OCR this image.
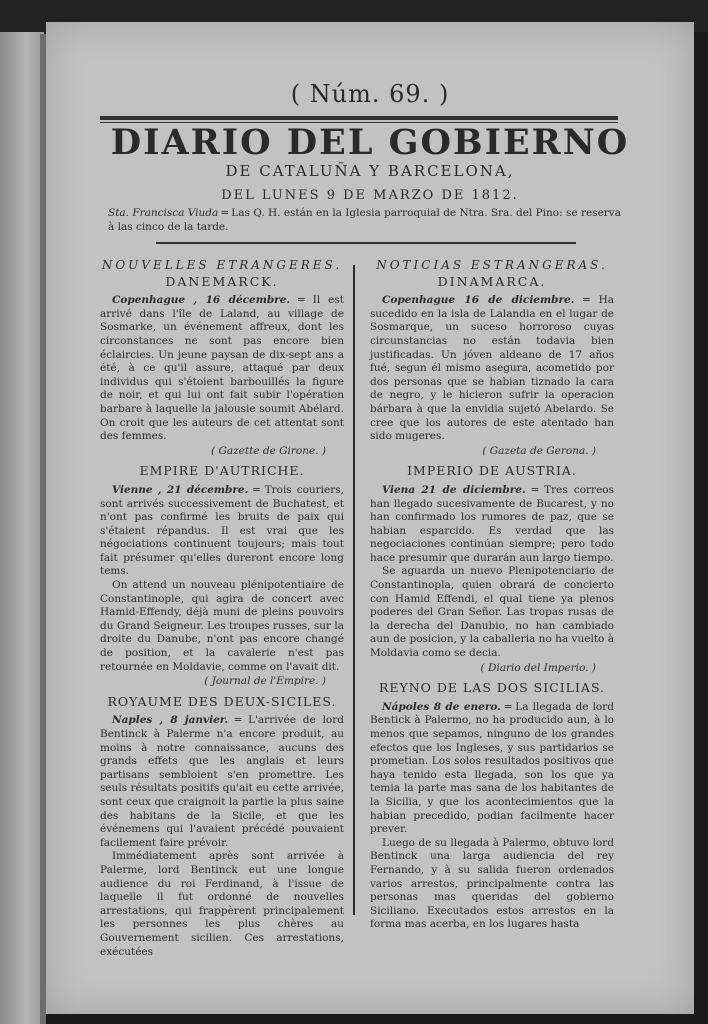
( Núm. 69. )
DIARIO DEL GOBIERNO
DE CATALUÑA Y BARCELONA,
DEL LUNES 9 DE MARZO DE 1812.
Sta. Francisca Viuda ═ Las Q. H. están en la Iglesia parroquial de Ntra. Sra. del Pino: se reserva à las cinco de la tarde.
NOUVELLES ETRANGERES.
DANEMARCK.

Copenhague , 16 décembre. ═ Il est arrivé dans l'île de Laland, au village de Sosmarke, un événement affreux, dont les circonstances ne sont pas encore bien éclaircies. Un jeune paysan de dix-sept ans a été, à ce qu'il assure, attaqué par deux individus qui s'étoient barbouillés la figure de noir, et qui lui ont fait subir l'opération barbare à laquelle la jalousie soumit Abélard. On croit que les auteurs de cet attentat sont des femmes.

( Gazette de Girone. )
EMPIRE D'AUTRICHE.

Vienne , 21 décembre. ═ Trois couriers, sont arrivés successivement de Buchatest, et n'ont pas confirmé les bruits de paix qui s'étaient répandus. Il est vrai que les négociations continuent toujours; mais tout fait présumer qu'elles dureront encore long tems.

On attend un nouveau plénipotentiaire de Constantinople, qui agira de concert avec Hamid-Effendy, déjà muni de pleins pouvoirs du Grand Seigneur. Les troupes russes, sur la droite du Danube, n'ont pas encore changé de position, et la cavalerie n'est pas retournée en Moldavie, comme on l'avait dit.

( Journal de l'Empire. )
ROYAUME DES DEUX-SICILES.

Naples , 8 janvier. ═ L'arrivée de lord Bentinck à Palerme n'a encore produit, au moins à notre connaissance, aucuns des grands effets que les anglais et leurs partisans sembloient s'en promettre. Les seuls résultats positifs qu'ait eu cette arrivée, sont ceux que craignoit la partie la plus saine des habitans de la Sicile, et que les événemens qui l'avaient précédé pouvaient facilement faire prévoir.

Immédiatement après sont arrivée à Palerme, lord Bentinck eut une longue audience du roi Ferdinand, à l'issue de laquelle il fut ordonné de nouvelles arrestations, qui frappèrent principalement les personnes les plus chères au Gouvernement sicilien. Ces arrestations, exécutées

NOTICIAS ESTRANGERAS.
DINAMARCA.

Copenhague 16 de diciembre. ═ Ha sucedido en la isla de Lalandia en el lugar de Sosmarque, un suceso horroroso cuyas circunstancias no están todavia bien justificadas. Un jóven aldeano de 17 años fué, segun él mismo asegura, acometido por dos personas que se habian tiznado la cara de negro, y le hicieron sufrir la operacion bárbara à que la envidia sujetó Abelardo. Se cree que los autores de este atentado han sido mugeres.

( Gazeta de Gerona. )
IMPERIO DE AUSTRIA.

Viena 21 de diciembre. ═ Tres correos han llegado sucesivamente de Bucarest, y no han confirmado los rumores de paz, que se habian esparcido. Es verdad que las negociaciones continúan siempre; pero todo hace presumir que durarán aun largo tiempo.

Se aguarda un nuevo Plenipotenciario de Constantinopla, quien obrará de concierto con Hamid Effendi, el qual tiene ya plenos poderes del Gran Señor. Las tropas rusas de la derecha del Danubio, no han cambiado aun de posicion, y la caballeria no ha vuelto à Moldavia como se decia.

( Diario del Imperio. )
REYNO DE LAS DOS SICILIAS.

Nápoles 8 de enero. ═ La llegada de lord Bentick à Palermo, no ha producido aun, à lo menos que sepamos, ninguno de los grandes efectos que los Ingleses, y sus partidarios se prometian. Los solos resultados positivos que haya tenido esta llegada, son los que ya temia la parte mas sana de los habitantes de la Sicilia, y que los acontecimientos que la habian precedido, podian facilmente hacer prever.

Luego de su llegada à Palermo, obtuvo lord Bentinck una larga audiencia del rey Fernando, y à su salida fueron ordenados varios arrestos, principalmente contra las personas mas queridas del gobierno Siciliano. Executados estos arrestos en la forma mas acerba, en los lugares hasta
